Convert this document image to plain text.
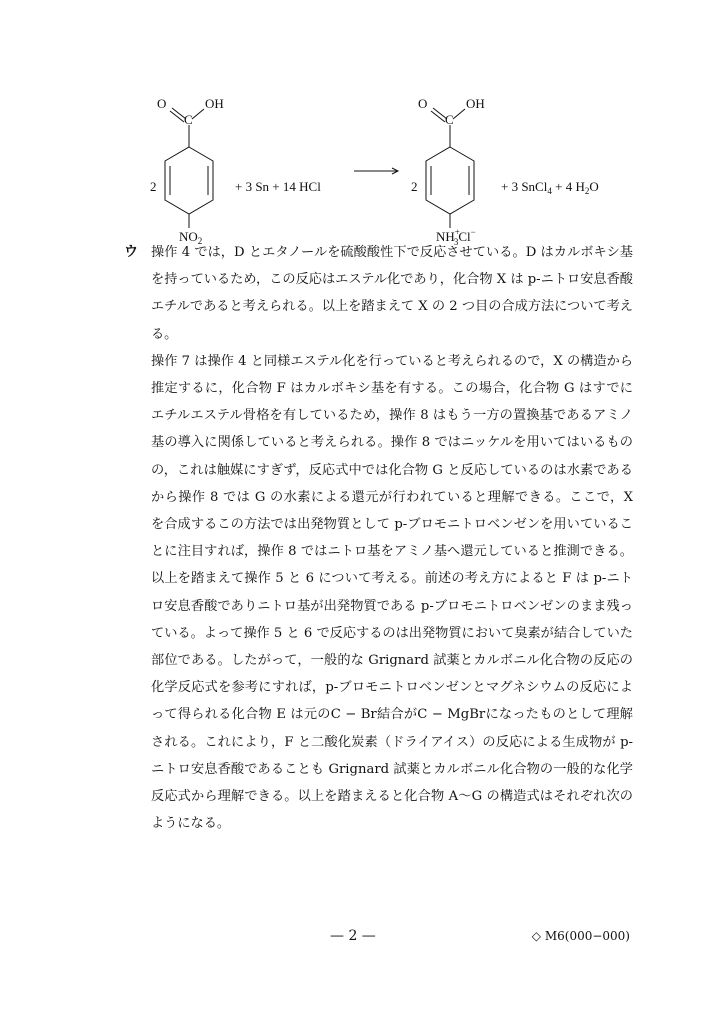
O	OH
C
2
$NO_2$
+ 3 Sn + 14 HCl
O	OH
C
2
NH+ 3Cl−
+ 3 SnCl$_4$ + 4 $H_2O$
ウ 操作 4 では，D とエタノールを硫酸酸性下で反応させている。D はカルボキシ基を持っているため，この反応はエステル化であり，化合物 X は p-ニトロ安息香酸エチルであると考えられる。以上を踏まえて X の 2 つ目の合成方法について考える。

操作 7 は操作 4 と同様エステル化を行っていると考えられるので，X の構造から推定するに，化合物 F はカルボキシ基を有する。この場合，化合物 G はすでにエチルエステル骨格を有しているため，操作 8 はもう一方の置換基であるアミノ基の導入に関係していると考えられる。操作 8 ではニッケルを用いてはいるものの，これは触媒にすぎず，反応式中では化合物 G と反応しているのは水素であるから操作 8 では G の水素による還元が行われていると理解できる。ここで，X を合成するこの方法では出発物質として p-ブロモニトロベンゼンを用いていることに注目すれば，操作 8 ではニトロ基をアミノ基へ還元していると推測できる。以上を踏まえて操作 5 と 6 について考える。前述の考え方によると F は p-ニトロ安息香酸でありニトロ基が出発物質である p-ブロモニトロベンゼンのまま残っている。よって操作 5 と 6 で反応するのは出発物質において臭素が結合していた部位である。したがって，一般的な Grignard 試薬とカルボニル化合物の反応の化学反応式を参考にすれば，p-ブロモニトロベンゼンとマグネシウムの反応によって得られる化合物 E は元のC − Br結合がC − MgBrになったものとして理解される。これにより，F と二酸化炭素（ドライアイス）の反応による生成物が p-ニトロ安息香酸であることも Grignard 試薬とカルボニル化合物の一般的な化学反応式から理解できる。以上を踏まえると化合物 A〜G の構造式はそれぞれ次のようになる。

— 2 —	◇ M6(000−000)
